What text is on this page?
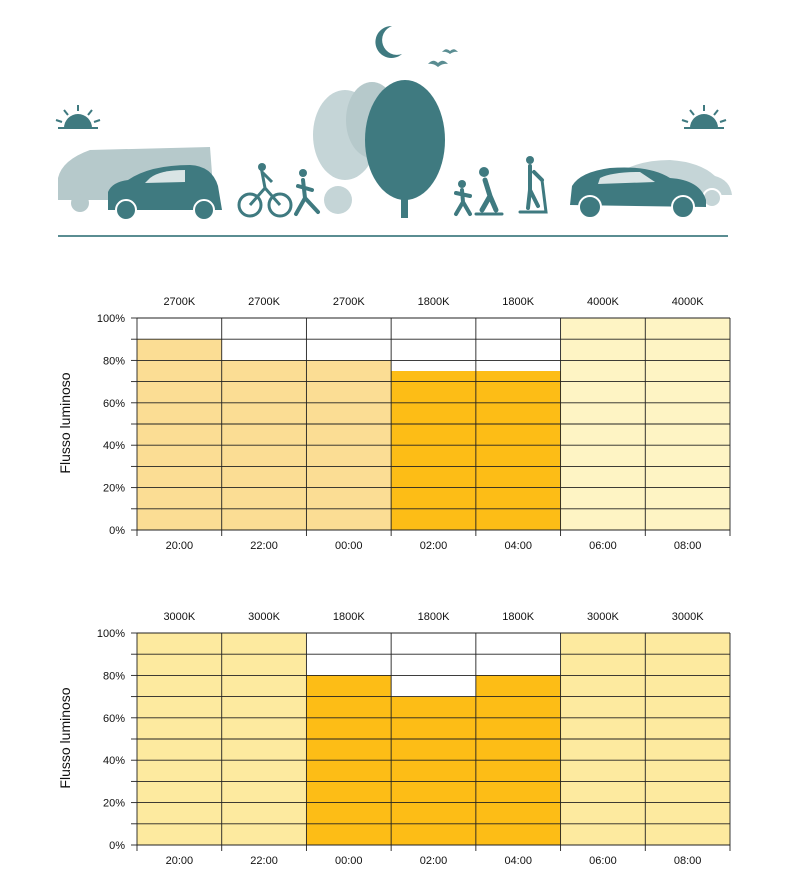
Flusso luminoso
0%
20%
40%
60%
80%
100%
20:00	22:00	00:00	02:00	04:00	06:00	08:00
2700K	2700K	2700K	1800K	1800K	4000K	4000K
Flusso luminoso
0%
20%
40%
60%
80%
100%
20:00	22:00	00:00	02:00	04:00	06:00	08:00
3000K	3000K	1800K	1800K	1800K	3000K	3000K
